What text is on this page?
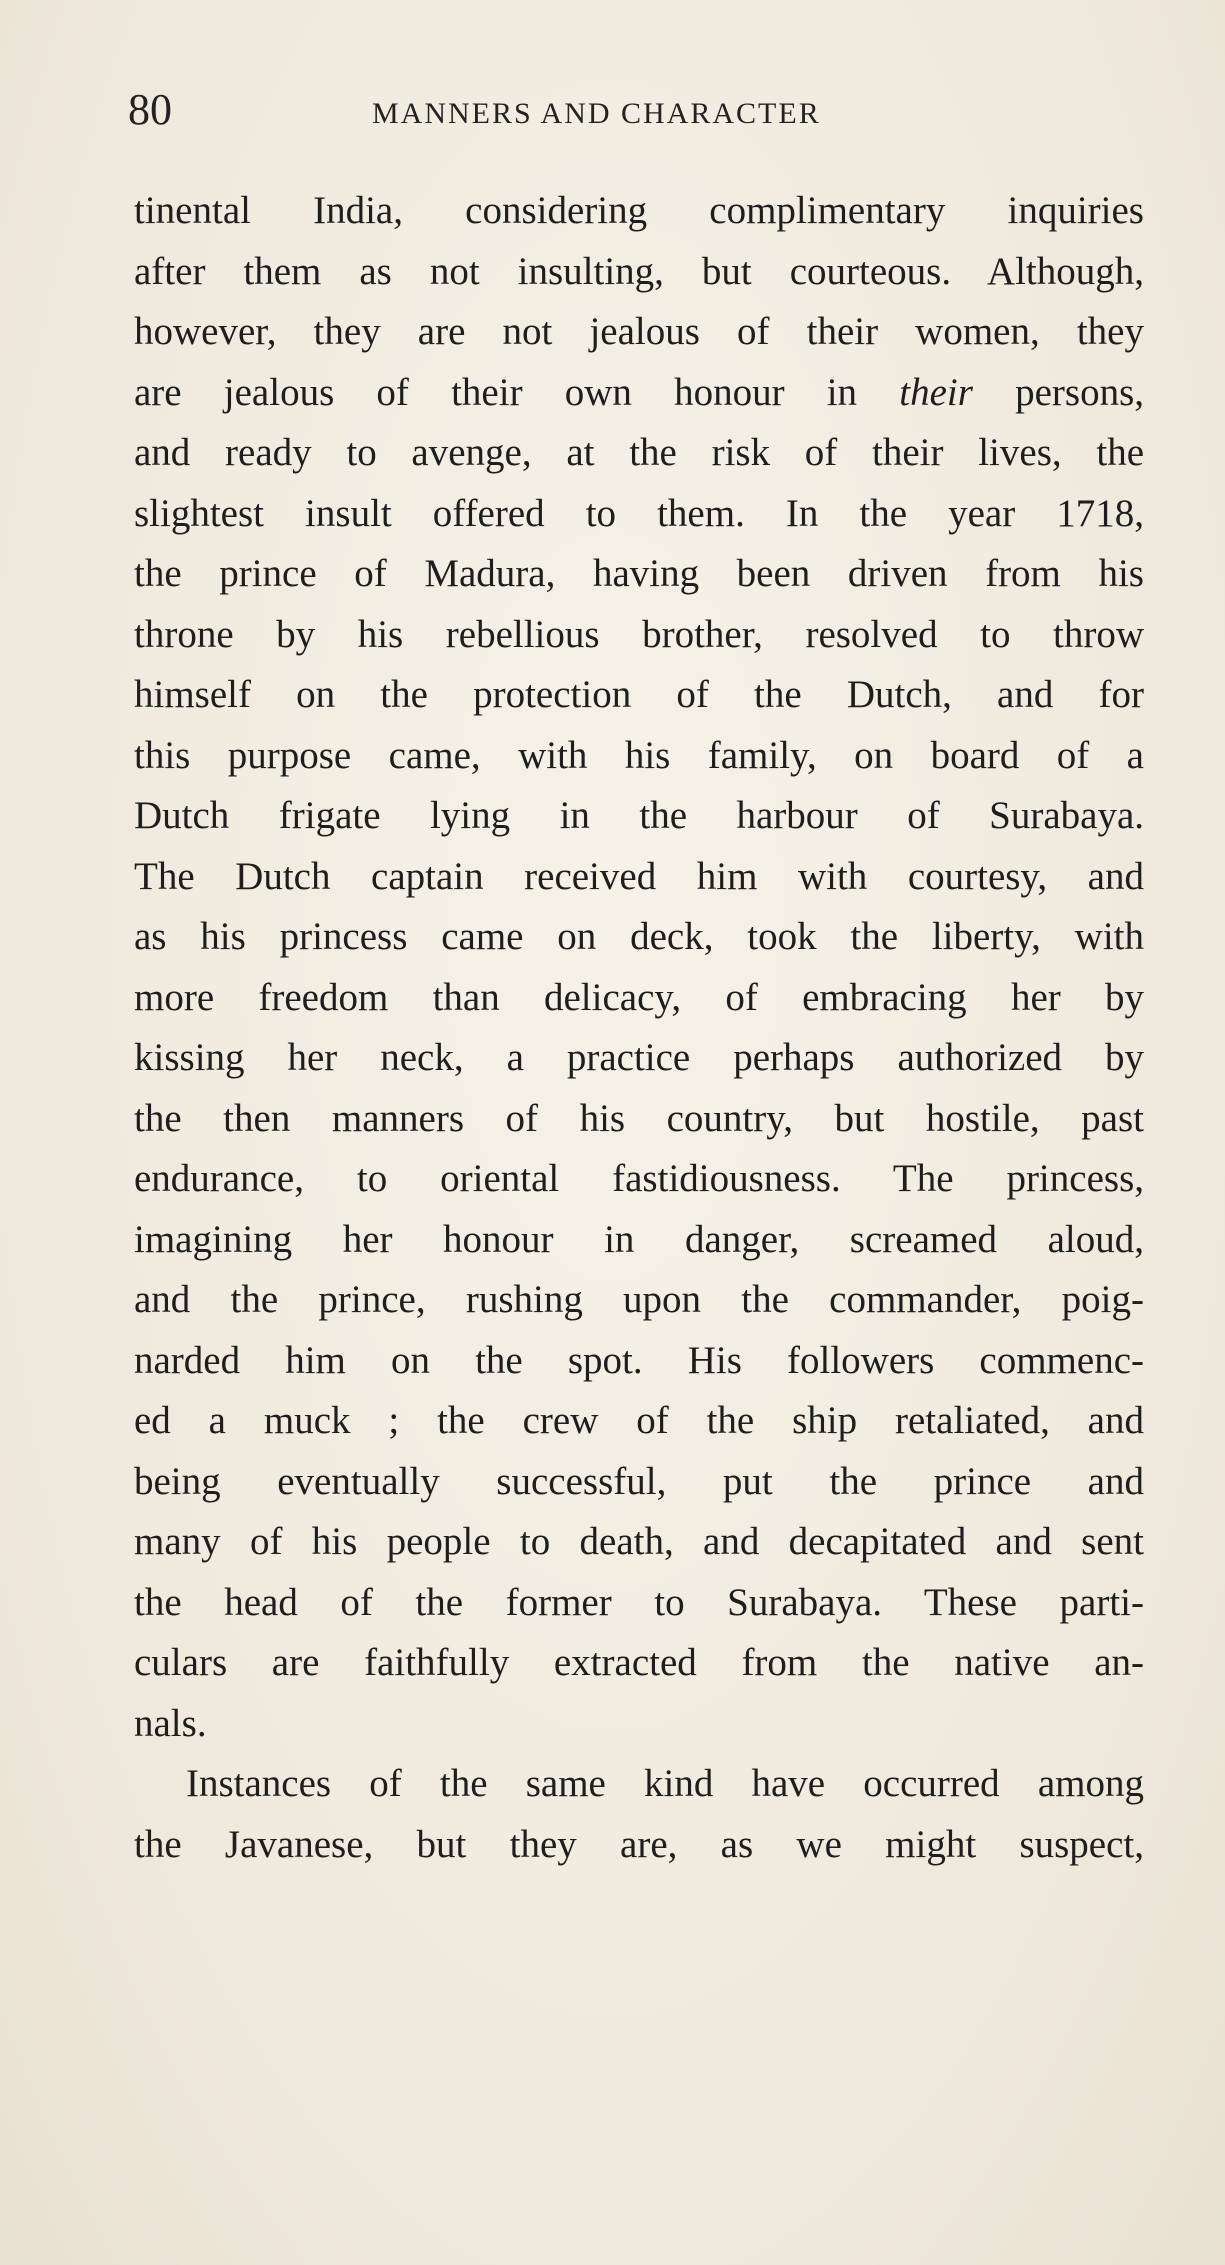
80	MANNERS AND CHARACTER
tinental India, considering complimentary inquiries
after them as not insulting, but courteous. Although,
however, they are not jealous of their women, they
are jealous of their own honour in their persons,
and ready to avenge, at the risk of their lives, the
slightest insult offered to them. In the year 1718,
the prince of Madura, having been driven from his
throne by his rebellious brother, resolved to throw
himself on the protection of the Dutch, and for
this purpose came, with his family, on board of a
Dutch frigate lying in the harbour of Surabaya.
The Dutch captain received him with courtesy, and
as his princess came on deck, took the liberty, with
more freedom than delicacy, of embracing her by
kissing her neck, a practice perhaps authorized by
the then manners of his country, but hostile, past
endurance, to oriental fastidiousness. The princess,
imagining her honour in danger, screamed aloud,
and the prince, rushing upon the commander, poig-
narded him on the spot. His followers commenc-
ed a muck ; the crew of the ship retaliated, and
being eventually successful, put the prince and
many of his people to death, and decapitated and sent
the head of the former to Surabaya. These parti-
culars are faithfully extracted from the native an-
nals.
Instances of the same kind have occurred among
the Javanese, but they are, as we might suspect,
